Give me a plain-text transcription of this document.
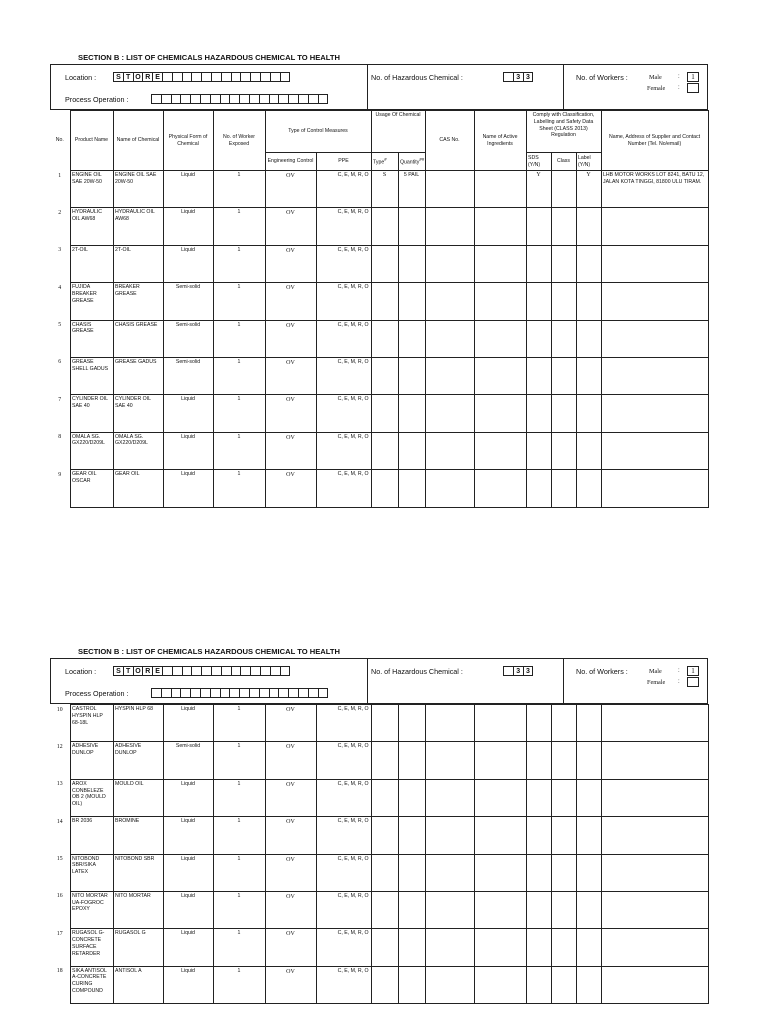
SECTION B : LIST OF CHEMICALS HAZARDOUS CHEMICAL TO HEALTH
Location :	S T O R E
Process Operation :
No. of Hazardous Chemical :	3 3	No. of Workers :	Male	:	1
Female :
No.	Product Name	Name of Chemical	Physical Form of Chemical	No. of Worker Exposed	Type of Control Measures		Usage Of Chemical		CAS No.	Name of Active Ingredients	Comply with Classification, Labelling and Safety Data Sheet (CLASS 2013) Regulation			Name, Address of Supplier and Contact Number (Tel. No/email)
					Engineering Control	PPE	Type#	Quantity##			SDS (Y/N)	Class	Label (Y/N)	
1	ENGINE OIL SAE 20W-50	ENGINE OIL SAE 20W-50	Liquid	1	OV	C, E, M, R, O	S	5 PAIL			Y		Y	LHB MOTOR WORKS LOT 8241, BATU 12, JALAN KOTA TINGGI, 81800 ULU TIRAM.
2	HYDRAULIC OIL AW68	HYDRAULIC OIL AW68	Liquid	1	OV	C, E, M, R, O								
3	2T-OIL	2T-OIL	Liquid	1	OV	C, E, M, R, O								
4	FUJIDA BREAKER GREASE	BREAKER GREASE	Semi-solid	1	OV	C, E, M, R, O								
5	CHASIS GREASE	CHASIS GREASE	Semi-solid	1	OV	C, E, M, R, O								
6	GREASE SHELL GADUS	GREASE GADUS	Semi-solid	1	OV	C, E, M, R, O								
7	CYLINDER OIL SAE 40	CYLINDER OIL SAE 40	Liquid	1	OV	C, E, M, R, O								
8	OMALA SG. GX220/D209L	OMALA SG. GX220/D209L	Liquid	1	OV	C, E, M, R, O								
9	GEAR OIL OSCAR	GEAR OIL	Liquid	1	OV	C, E, M, R, O								
SECTION B : LIST OF CHEMICALS HAZARDOUS CHEMICAL TO HEALTH
Location :	S T O R E
Process Operation :
No. of Hazardous Chemical :	3 3	No. of Workers :	Male	:	1
Female :
10	CASTROL HYSPIN HLP 68-18L	HYSPIN HLP 68	Liquid	1	OV	C, E, M, R, O								
12	ADHESIVE DUNLOP	ADHESIVE DUNLOP	Semi-solid	1	OV	C, E, M, R, O								
13	AROX CONBELEZE OB 2 (MOULD OIL)	MOULD OIL	Liquid	1	OV	C, E, M, R, O								
14	BR 2036	BROMINE	Liquid	1	OV	C, E, M, R, O								
15	NITOBOND SBR/SIKA LATEX	NITOBOND SBR	Liquid	1	OV	C, E, M, R, O								
16	NITO MORTAR UA-FOGROC EPOXY	NITO MORTAR	Liquid	1	OV	C, E, M, R, O								
17	RUGASOL G-CONCRETE SURFACE RETARDER	RUGASOL G	Liquid	1	OV	C, E, M, R, O								
18	SIKA ANTISOL A-CONCRETE CURING COMPOUND	ANTISOL A	Liquid	1	OV	C, E, M, R, O								
